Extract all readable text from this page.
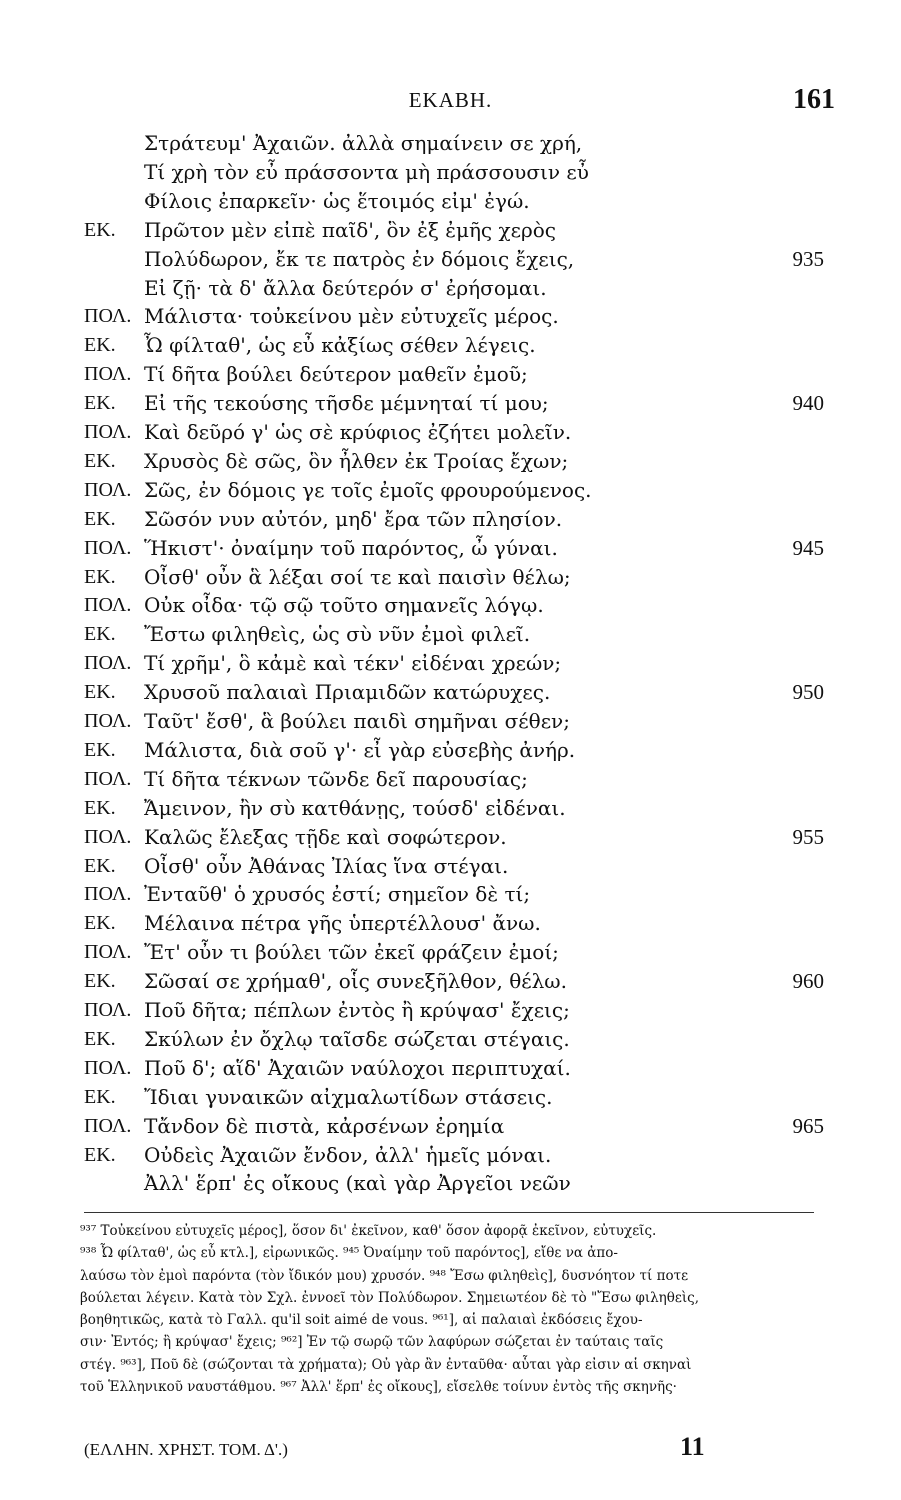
ΕΚΑΒΗ.	161
Στράτευμ' Ἀχαιῶν. ἀλλὰ σημαίνειν σε χρή,
Τί χρὴ τὸν εὖ πράσσοντα μὴ πράσσουσιν εὖ
Φίλοις ἐπαρκεῖν· ὡς ἕτοιμός εἰμ' ἐγώ.
ΕΚ. Πρῶτον μὲν εἰπὲ παῖδ', ὃν ἐξ ἐμῆς χερὸς
Πολύδωρον, ἔκ τε πατρὸς ἐν δόμοις ἔχεις,	935
Εἰ ζῇ· τὰ δ' ἄλλα δεύτερόν σ' ἐρήσομαι.
ΠΟΛ. Μάλιστα· τοὐκείνου μὲν εὐτυχεῖς μέρος.
ΕΚ. Ὦ φίλταθ', ὡς εὖ κἀξίως σέθεν λέγεις.
ΠΟΛ. Τί δῆτα βούλει δεύτερον μαθεῖν ἐμοῦ;
ΕΚ. Εἰ τῆς τεκούσης τῆσδε μέμνηταί τί μου;	940
ΠΟΛ. Καὶ δεῦρό γ' ὡς σὲ κρύφιος ἐζήτει μολεῖν.
ΕΚ. Χρυσὸς δὲ σῶς, ὃν ἦλθεν ἐκ Τροίας ἔχων;
ΠΟΛ. Σῶς, ἐν δόμοις γε τοῖς ἐμοῖς φρουρούμενος.
ΕΚ. Σῶσόν νυν αὐτόν, μηδ' ἔρα τῶν πλησίον.
ΠΟΛ. Ἥκιστ'· ὀναίμην τοῦ παρόντος, ὦ γύναι.	945
ΕΚ. Οἶσθ' οὖν ἃ λέξαι σοί τε καὶ παισὶν θέλω;
ΠΟΛ. Οὐκ οἶδα· τῷ σῷ τοῦτο σημανεῖς λόγῳ.
ΕΚ. Ἔστω φιληθεὶς, ὡς σὺ νῦν ἐμοὶ φιλεῖ.
ΠΟΛ. Τί χρῆμ', ὃ κἀμὲ καὶ τέκν' εἰδέναι χρεών;
ΕΚ. Χρυσοῦ παλαιαὶ Πριαμιδῶν κατώρυχες.	950
ΠΟΛ. Ταῦτ' ἔσθ', ἃ βούλει παιδὶ σημῆναι σέθεν;
ΕΚ. Μάλιστα, διὰ σοῦ γ'· εἶ γὰρ εὐσεβὴς ἀνήρ.
ΠΟΛ. Τί δῆτα τέκνων τῶνδε δεῖ παρουσίας;
ΕΚ. Ἄμεινον, ἢν σὺ κατθάνῃς, τούσδ' εἰδέναι.
ΠΟΛ. Καλῶς ἔλεξας τῇδε καὶ σοφώτερον.	955
ΕΚ. Οἶσθ' οὖν Ἀθάνας Ἰλίας ἵνα στέγαι.
ΠΟΛ. Ἐνταῦθ' ὁ χρυσός ἐστί; σημεῖον δὲ τί;
ΕΚ. Μέλαινα πέτρα γῆς ὑπερτέλλουσ' ἄνω.
ΠΟΛ. Ἔτ' οὖν τι βούλει τῶν ἐκεῖ φράζειν ἐμοί;
ΕΚ. Σῶσαί σε χρήμαθ', οἷς συνεξῆλθον, θέλω.	960
ΠΟΛ. Ποῦ δῆτα; πέπλων ἐντὸς ἢ κρύψασ' ἔχεις;
ΕΚ. Σκύλων ἐν ὄχλῳ ταῖσδε σώζεται στέγαις.
ΠΟΛ. Ποῦ δ'; αἵδ' Ἀχαιῶν ναύλοχοι περιπτυχαί.
ΕΚ. Ἴδιαι γυναικῶν αἰχμαλωτίδων στάσεις.
ΠΟΛ. Τἄνδον δὲ πιστὰ, κἀρσένων ἐρημία	965
ΕΚ. Οὐδεὶς Ἀχαιῶν ἔνδον, ἀλλ' ἡμεῖς μόναι.
Ἀλλ' ἕρπ' ἐς οἴκους (καὶ γὰρ Ἀργεῖοι νεῶν
⁹³⁷ Τοὐκείνου εὐτυχεῖς μέρος], ὅσον δι' ἐκεῖνον, καθ' ὅσον ἀφορᾷ ἐκεῖνον, εὐτυχεῖς.
⁹³⁸ Ὦ φίλταθ', ὡς εὖ κτλ.], εἰρωνικῶς. ⁹⁴⁵ Ὀναίμην τοῦ παρόντος], εἴθε να ἀπο-
λαύσω τὸν ἐμοὶ παρόντα (τὸν ἴδικόν μου) χρυσόν. ⁹⁴⁸ Ἔσω φιληθεὶς], δυσνόητον τί ποτε
βούλεται λέγειν. Κατὰ τὸν Σχλ. ἐννοεῖ τὸν Πολύδωρον. Σημειωτέον δὲ τὸ "Ἔσω φιληθεὶς,
βοηθητικῶς, κατὰ τὸ Γαλλ. qu'il soit aimé de vous. ⁹⁶¹], αἱ παλαιαὶ ἐκδόσεις ἔχου-
σιν· Ἐντός; ἢ κρύψασ' ἔχεις; ⁹⁶²] Ἐν τῷ σωρῷ τῶν λαφύρων σώζεται ἐν ταύταις ταῖς
στέγ. ⁹⁶³], Ποῦ δὲ (σώζονται τὰ χρήματα); Οὐ γὰρ ἂν ἐνταῦθα· αὗται γὰρ εἰσιν αἱ σκηναὶ
τοῦ Ἑλληνικοῦ ναυστάθμου. ⁹⁶⁷ Ἀλλ' ἕρπ' ἐς οἴκους], εἴσελθε τοίνυν ἐντὸς τῆς σκηνῆς·
(ΕΛΛΗΝ. ΧΡΗΣΤ. ΤΟΜ. Δ'.)	11
